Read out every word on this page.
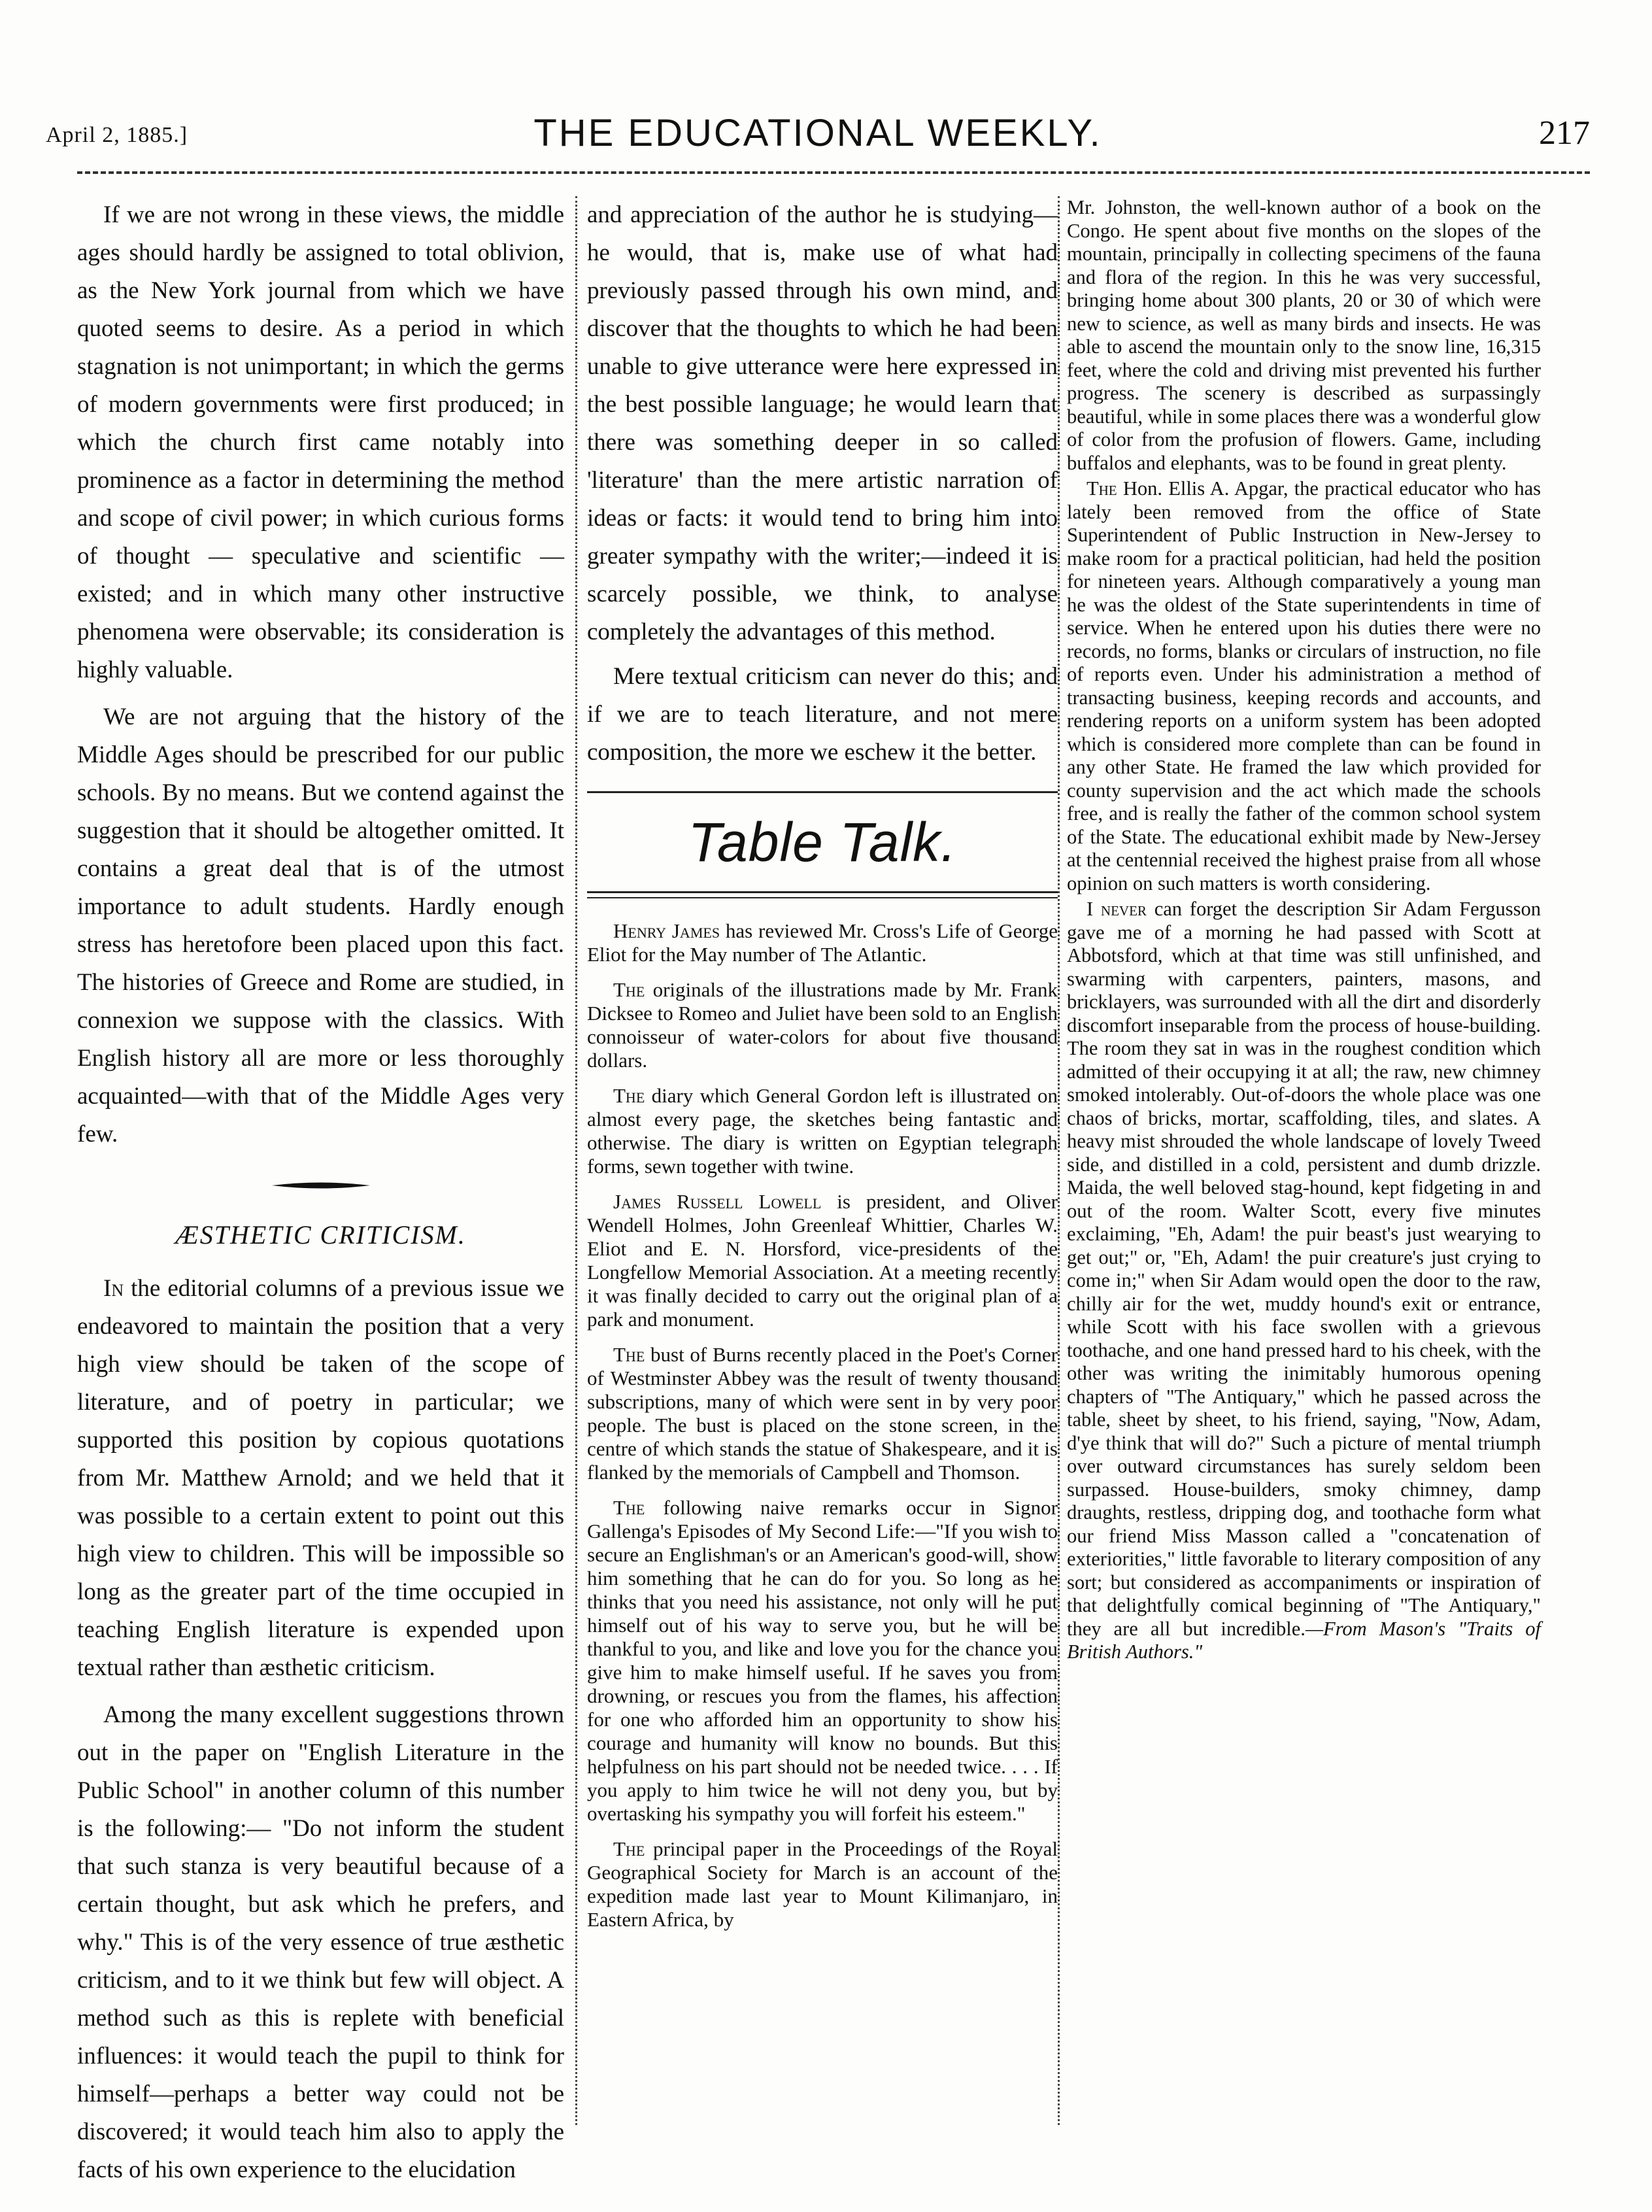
April 2, 1885.]	THE EDUCATIONAL WEEKLY.	217

If we are not wrong in these views, the middle ages should hardly be assigned to total oblivion, as the New York journal from which we have quoted seems to desire. As a period in which stagnation is not unimportant; in which the germs of modern governments were first produced; in which the church first came notably into prominence as a factor in determining the method and scope of civil power; in which curious forms of thought — speculative and scientific — existed; and in which many other instructive phenomena were observable; its consideration is highly valuable.

We are not arguing that the history of the Middle Ages should be prescribed for our public schools. By no means. But we contend against the suggestion that it should be altogether omitted. It contains a great deal that is of the utmost importance to adult students. Hardly enough stress has heretofore been placed upon this fact. The histories of Greece and Rome are studied, in connexion we suppose with the classics. With English history all are more or less thoroughly acquainted—with that of the Middle Ages very few.

ÆSTHETIC CRITICISM.

In the editorial columns of a previous issue we endeavored to maintain the position that a very high view should be taken of the scope of literature, and of poetry in particular; we supported this position by copious quotations from Mr. Matthew Arnold; and we held that it was possible to a certain extent to point out this high view to children. This will be impossible so long as the greater part of the time occupied in teaching English literature is expended upon textual rather than æsthetic criticism.

Among the many excellent suggestions thrown out in the paper on "English Literature in the Public School" in another column of this number is the following:— "Do not inform the student that such stanza is very beautiful because of a certain thought, but ask which he prefers, and why." This is of the very essence of true æsthetic criticism, and to it we think but few will object. A method such as this is replete with beneficial influences: it would teach the pupil to think for himself—perhaps a better way could not be discovered; it would teach him also to apply the facts of his own experience to the elucidation

and appreciation of the author he is studying—he would, that is, make use of what had previously passed through his own mind, and discover that the thoughts to which he had been unable to give utterance were here expressed in the best possible language; he would learn that there was something deeper in so called 'literature' than the mere artistic narration of ideas or facts: it would tend to bring him into greater sympathy with the writer;—indeed it is scarcely possible, we think, to analyse completely the advantages of this method.

Mere textual criticism can never do this; and if we are to teach literature, and not mere composition, the more we eschew it the better.

Table Talk.

Henry James has reviewed Mr. Cross's Life of George Eliot for the May number of The Atlantic.

The originals of the illustrations made by Mr. Frank Dicksee to Romeo and Juliet have been sold to an English connoisseur of water-colors for about five thousand dollars.

The diary which General Gordon left is illustrated on almost every page, the sketches being fantastic and otherwise. The diary is written on Egyptian telegraph forms, sewn together with twine.

James Russell Lowell is president, and Oliver Wendell Holmes, John Greenleaf Whittier, Charles W. Eliot and E. N. Horsford, vice-presidents of the Longfellow Memorial Association. At a meeting recently it was finally decided to carry out the original plan of a park and monument.

The bust of Burns recently placed in the Poet's Corner of Westminster Abbey was the result of twenty thousand subscriptions, many of which were sent in by very poor people. The bust is placed on the stone screen, in the centre of which stands the statue of Shakespeare, and it is flanked by the memorials of Campbell and Thomson.

The following naive remarks occur in Signor Gallenga's Episodes of My Second Life:—"If you wish to secure an Englishman's or an American's good-will, show him something that he can do for you. So long as he thinks that you need his assistance, not only will he put himself out of his way to serve you, but he will be thankful to you, and like and love you for the chance you give him to make himself useful. If he saves you from drowning, or rescues you from the flames, his affection for one who afforded him an opportunity to show his courage and humanity will know no bounds. But this helpfulness on his part should not be needed twice. . . . If you apply to him twice he will not deny you, but by overtasking his sympathy you will forfeit his esteem."

The principal paper in the Proceedings of the Royal Geographical Society for March is an account of the expedition made last year to Mount Kilimanjaro, in Eastern Africa, by

Mr. Johnston, the well-known author of a book on the Congo. He spent about five months on the slopes of the mountain, principally in collecting specimens of the fauna and flora of the region. In this he was very successful, bringing home about 300 plants, 20 or 30 of which were new to science, as well as many birds and insects. He was able to ascend the mountain only to the snow line, 16,315 feet, where the cold and driving mist prevented his further progress. The scenery is described as surpassingly beautiful, while in some places there was a wonderful glow of color from the profusion of flowers. Game, including buffalos and elephants, was to be found in great plenty.

The Hon. Ellis A. Apgar, the practical educator who has lately been removed from the office of State Superintendent of Public Instruction in New-Jersey to make room for a practical politician, had held the position for nineteen years. Although comparatively a young man he was the oldest of the State superintendents in time of service. When he entered upon his duties there were no records, no forms, blanks or circulars of instruction, no file of reports even. Under his administration a method of transacting business, keeping records and accounts, and rendering reports on a uniform system has been adopted which is considered more complete than can be found in any other State. He framed the law which provided for county supervision and the act which made the schools free, and is really the father of the common school system of the State. The educational exhibit made by New-Jersey at the centennial received the highest praise from all whose opinion on such matters is worth considering.

I never can forget the description Sir Adam Fergusson gave me of a morning he had passed with Scott at Abbotsford, which at that time was still unfinished, and swarming with carpenters, painters, masons, and bricklayers, was surrounded with all the dirt and disorderly discomfort inseparable from the process of house-building. The room they sat in was in the roughest condition which admitted of their occupying it at all; the raw, new chimney smoked intolerably. Out-of-doors the whole place was one chaos of bricks, mortar, scaffolding, tiles, and slates. A heavy mist shrouded the whole landscape of lovely Tweed side, and distilled in a cold, persistent and dumb drizzle. Maida, the well beloved stag-hound, kept fidgeting in and out of the room. Walter Scott, every five minutes exclaiming, "Eh, Adam! the puir beast's just wearying to get out;" or, "Eh, Adam! the puir creature's just crying to come in;" when Sir Adam would open the door to the raw, chilly air for the wet, muddy hound's exit or entrance, while Scott with his face swollen with a grievous toothache, and one hand pressed hard to his cheek, with the other was writing the inimitably humorous opening chapters of "The Antiquary," which he passed across the table, sheet by sheet, to his friend, saying, "Now, Adam, d'ye think that will do?" Such a picture of mental triumph over outward circumstances has surely seldom been surpassed. House-builders, smoky chimney, damp draughts, restless, dripping dog, and toothache form what our friend Miss Masson called a "concatenation of exteriorities," little favorable to literary composition of any sort; but considered as accompaniments or inspiration of that delightfully comical beginning of "The Antiquary," they are all but incredible.—From Mason's "Traits of British Authors."
